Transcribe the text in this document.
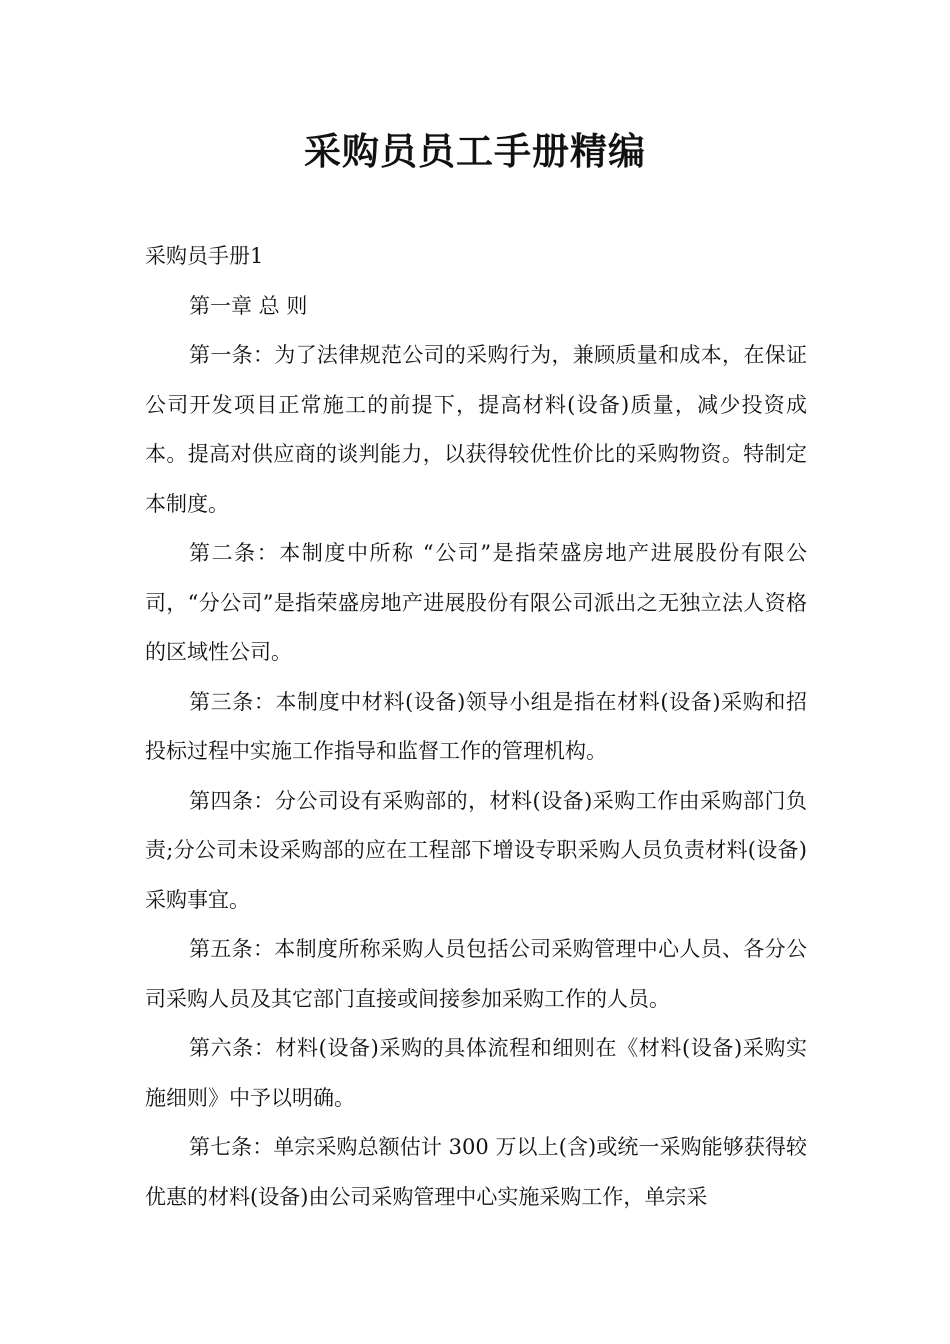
采购员员工手册精编

采购员手册1

第一章 总 则

第一条：为了法律规范公司的采购行为，兼顾质量和成本，在保证公司开发项目正常施工的前提下，提高材料(设备)质量，减少投资成本。提高对供应商的谈判能力，以获得较优性价比的采购物资。特制定本制度。

第二条：本制度中所称 “公司”是指荣盛房地产进展股份有限公司，“分公司”是指荣盛房地产进展股份有限公司派出之无独立法人资格的区域性公司。

第三条：本制度中材料(设备)领导小组是指在材料(设备)采购和招投标过程中实施工作指导和监督工作的管理机构。

第四条：分公司设有采购部的，材料(设备)采购工作由采购部门负责;分公司未设采购部的应在工程部下增设专职采购人员负责材料(设备)采购事宜。

第五条：本制度所称采购人员包括公司采购管理中心人员、各分公司采购人员及其它部门直接或间接参加采购工作的人员。

第六条：材料(设备)采购的具体流程和细则在《材料(设备)采购实施细则》中予以明确。

第七条：单宗采购总额估计 300 万以上(含)或统一采购能够获得较优惠的材料(设备)由公司采购管理中心实施采购工作，单宗采
